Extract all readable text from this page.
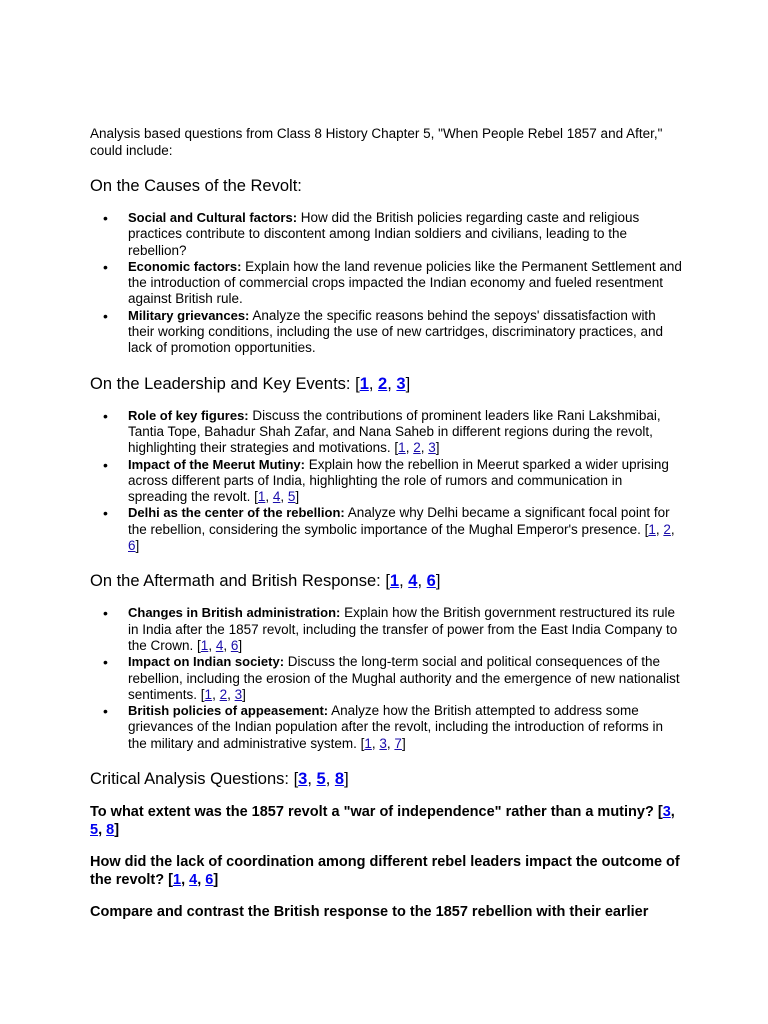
Analysis based questions from Class 8 History Chapter 5, "When People Rebel 1857 and After," could include:

On the Causes of the Revolt:
• Social and Cultural factors: How did the British policies regarding caste and religious practices contribute to discontent among Indian soldiers and civilians, leading to the rebellion?
• Economic factors: Explain how the land revenue policies like the Permanent Settlement and the introduction of commercial crops impacted the Indian economy and fueled resentment against British rule.
• Military grievances: Analyze the specific reasons behind the sepoys' dissatisfaction with their working conditions, including the use of new cartridges, discriminatory practices, and lack of promotion opportunities.
On the Leadership and Key Events: [1, 2, 3]
• Role of key figures: Discuss the contributions of prominent leaders like Rani Lakshmibai, Tantia Tope, Bahadur Shah Zafar, and Nana Saheb in different regions during the revolt, highlighting their strategies and motivations. [1, 2, 3]
• Impact of the Meerut Mutiny: Explain how the rebellion in Meerut sparked a wider uprising across different parts of India, highlighting the role of rumors and communication in spreading the revolt. [1, 4, 5]
• Delhi as the center of the rebellion: Analyze why Delhi became a significant focal point for the rebellion, considering the symbolic importance of the Mughal Emperor's presence. [1, 2, 6]
On the Aftermath and British Response: [1, 4, 6]
• Changes in British administration: Explain how the British government restructured its rule in India after the 1857 revolt, including the transfer of power from the East India Company to the Crown. [1, 4, 6]
• Impact on Indian society: Discuss the long-term social and political consequences of the rebellion, including the erosion of the Mughal authority and the emergence of new nationalist sentiments. [1, 2, 3]
• British policies of appeasement: Analyze how the British attempted to address some grievances of the Indian population after the revolt, including the introduction of reforms in the military and administrative system. [1, 3, 7]
Critical Analysis Questions: [3, 5, 8]

To what extent was the 1857 revolt a "war of independence" rather than a mutiny? [3, 5, 8]

How did the lack of coordination among different rebel leaders impact the outcome of the revolt? [1, 4, 6]

Compare and contrast the British response to the 1857 rebellion with their earlier
